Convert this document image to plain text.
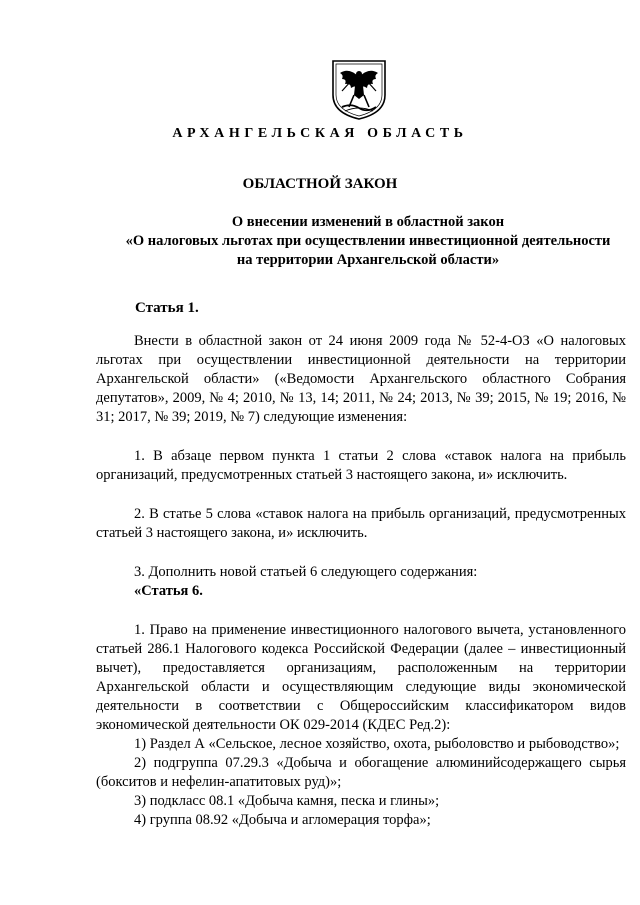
АРХАНГЕЛЬСКАЯ ОБЛАСТЬ
ОБЛАСТНОЙ ЗАКОН
О внесении изменений в областной закон
«О налоговых льготах при осуществлении инвестиционной деятельности
на территории Архангельской области»
Статья 1.

Внести в областной закон от 24 июня 2009 года № 52-4-ОЗ «О налоговых льготах при осуществлении инвестиционной деятельности на территории Архангельской области» («Ведомости Архангельского областного Собрания депутатов», 2009, № 4; 2010, № 13, 14; 2011, № 24; 2013, № 39; 2015, № 19; 2016, № 31; 2017, № 39; 2019, № 7) следующие изменения:

1. В абзаце первом пункта 1 статьи 2 слова «ставок налога на прибыль организаций, предусмотренных статьей 3 настоящего закона, и» исключить.

2. В статье 5 слова «ставок налога на прибыль организаций, предусмотренных статьей 3 настоящего закона, и» исключить.

3. Дополнить новой статьей 6 следующего содержания:

«Статья 6.

1. Право на применение инвестиционного налогового вычета, установленного статьей 286.1 Налогового кодекса Российской Федерации (далее – инвестиционный вычет), предоставляется организациям, расположенным на территории Архангельской области и осуществляющим следующие виды экономической деятельности в соответствии с Общероссийским классификатором видов экономической деятельности ОК 029-2014 (КДЕС Ред.2):

1) Раздел А «Сельское, лесное хозяйство, охота, рыболовство и рыбоводство»;

2) подгруппа 07.29.3 «Добыча и обогащение алюминийсодержащего сырья (бокситов и нефелин-апатитовых руд)»;

3) подкласс 08.1 «Добыча камня, песка и глины»;

4) группа 08.92 «Добыча и агломерация торфа»;
